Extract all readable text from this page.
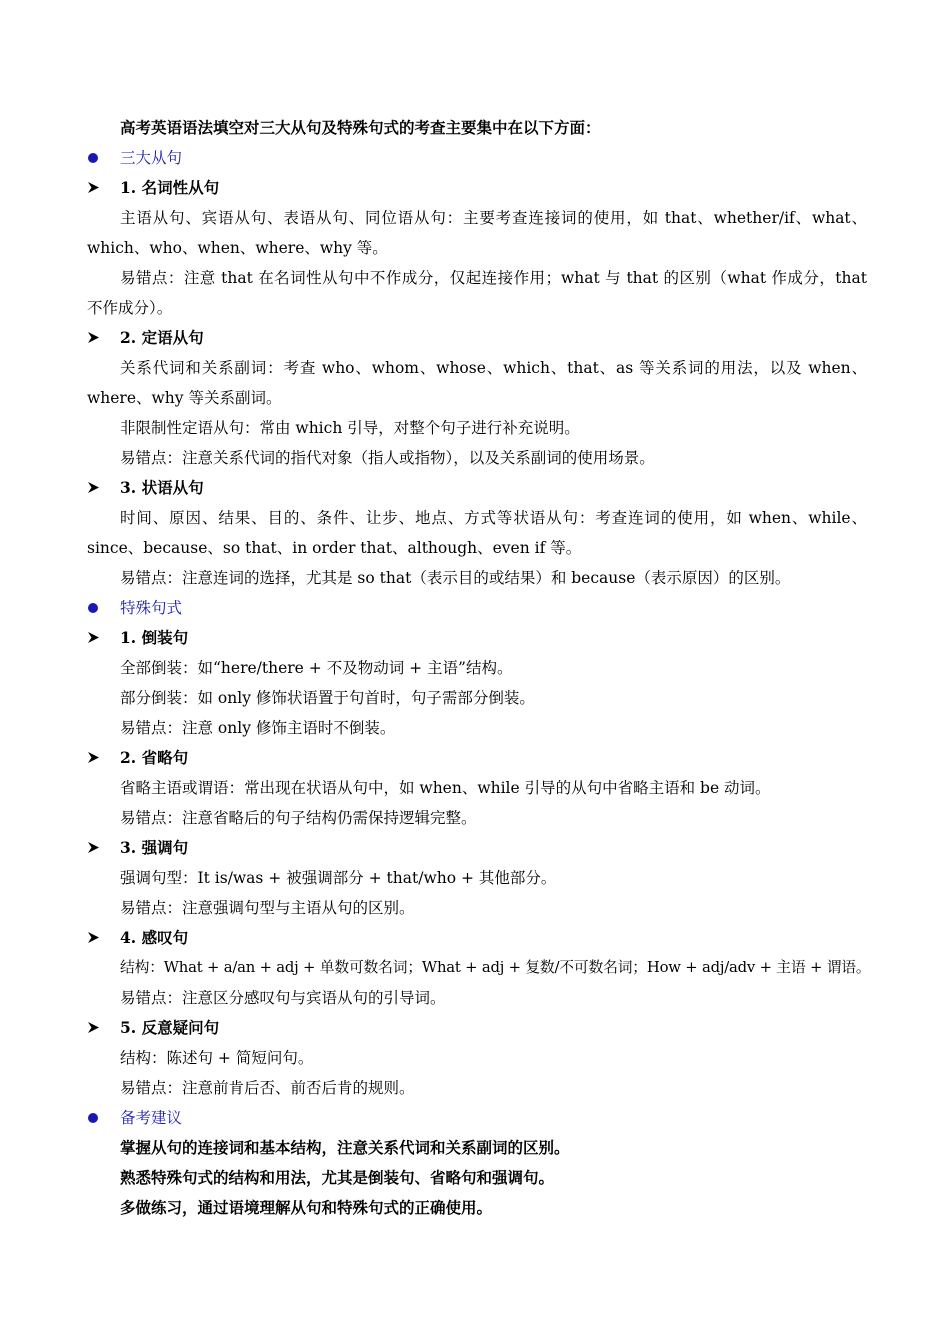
高考英语语法填空对三大从句及特殊句式的考查主要集中在以下方面：
三大从句
1. 名词性从句
主语从句、宾语从句、表语从句、同位语从句：主要考查连接词的使用，如 that、whether/if、what、which、who、when、where、why 等。
易错点：注意 that 在名词性从句中不作成分，仅起连接作用；what 与 that 的区别（what 作成分，that 不作成分）。
2. 定语从句
关系代词和关系副词：考查 who、whom、whose、which、that、as 等关系词的用法，以及 when、where、why 等关系副词。
非限制性定语从句：常由 which 引导，对整个句子进行补充说明。
易错点：注意关系代词的指代对象（指人或指物），以及关系副词的使用场景。
3. 状语从句
时间、原因、结果、目的、条件、让步、地点、方式等状语从句：考查连词的使用，如 when、while、since、because、so that、in order that、although、even if 等。
易错点：注意连词的选择，尤其是 so that（表示目的或结果）和 because（表示原因）的区别。
特殊句式
1. 倒装句
全部倒装：如“here/there + 不及物动词 + 主语”结构。
部分倒装：如 only 修饰状语置于句首时，句子需部分倒装。
易错点：注意 only 修饰主语时不倒装。
2. 省略句
省略主语或谓语：常出现在状语从句中，如 when、while 引导的从句中省略主语和 be 动词。
易错点：注意省略后的句子结构仍需保持逻辑完整。
3. 强调句
强调句型：It is/was + 被强调部分 + that/who + 其他部分。
易错点：注意强调句型与主语从句的区别。
4. 感叹句
结构：What + a/an + adj + 单数可数名词；What + adj + 复数/不可数名词；How + adj/adv + 主语 + 谓语。
易错点：注意区分感叹句与宾语从句的引导词。
5. 反意疑问句
结构：陈述句 + 简短问句。
易错点：注意前肯后否、前否后肯的规则。
备考建议
掌握从句的连接词和基本结构，注意关系代词和关系副词的区别。
熟悉特殊句式的结构和用法，尤其是倒装句、省略句和强调句。
多做练习，通过语境理解从句和特殊句式的正确使用。
